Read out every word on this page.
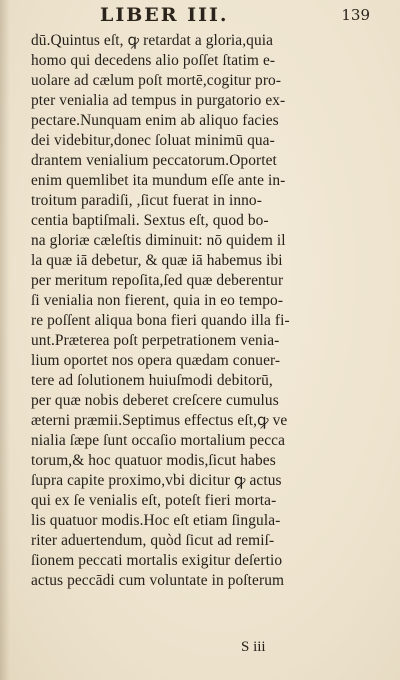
LIBER III.	139
dū.Quintus eſt, ꝙ retardat a gloria,quia
homo qui decedens alio poſſet ſtatim e-
uolare ad cælum poſt mortē,cogitur pro-
pter venialia ad tempus in purgatorio ex-
pectare.Nunquam enim ab aliquo facies
dei videbitur,donec ſoluat minimū qua-
drantem venialium peccatorum.Oportet
enim quemlibet ita mundum eſſe ante in-
troitum paradiſi, ,ſicut fuerat in inno-
centia baptiſmali. Sextus eſt, quod bo-
na gloriæ cæleſtis diminuit: nō quidem il
la quæ iā debetur, & quæ iā habemus ibi
per meritum repoſita,ſed quæ deberentur
ſi venialia non fierent, quia in eo tempo-
re poſſent aliqua bona fieri quando illa fi-
unt.Præterea poſt perpetrationem venia-
lium oportet nos opera quædam conuer-
tere ad ſolutionem huiuſmodi debitorū,
per quæ nobis deberet creſcere cumulus
æterni præmii.Septimus effectus eſt,ꝙ ve
nialia ſæpe ſunt occaſio mortalium pecca
torum,& hoc quatuor modis,ſicut habes
ſupra capite proximo,vbi dicitur ꝙ actus
qui ex ſe venialis eſt, poteſt fieri morta-
lis quatuor modis.Hoc eſt etiam ſingula-
riter aduertendum, quòd ſicut ad remiſ-
ſionem peccati mortalis exigitur deſertio
actus peccādi cum voluntate in poſterum
S iii
